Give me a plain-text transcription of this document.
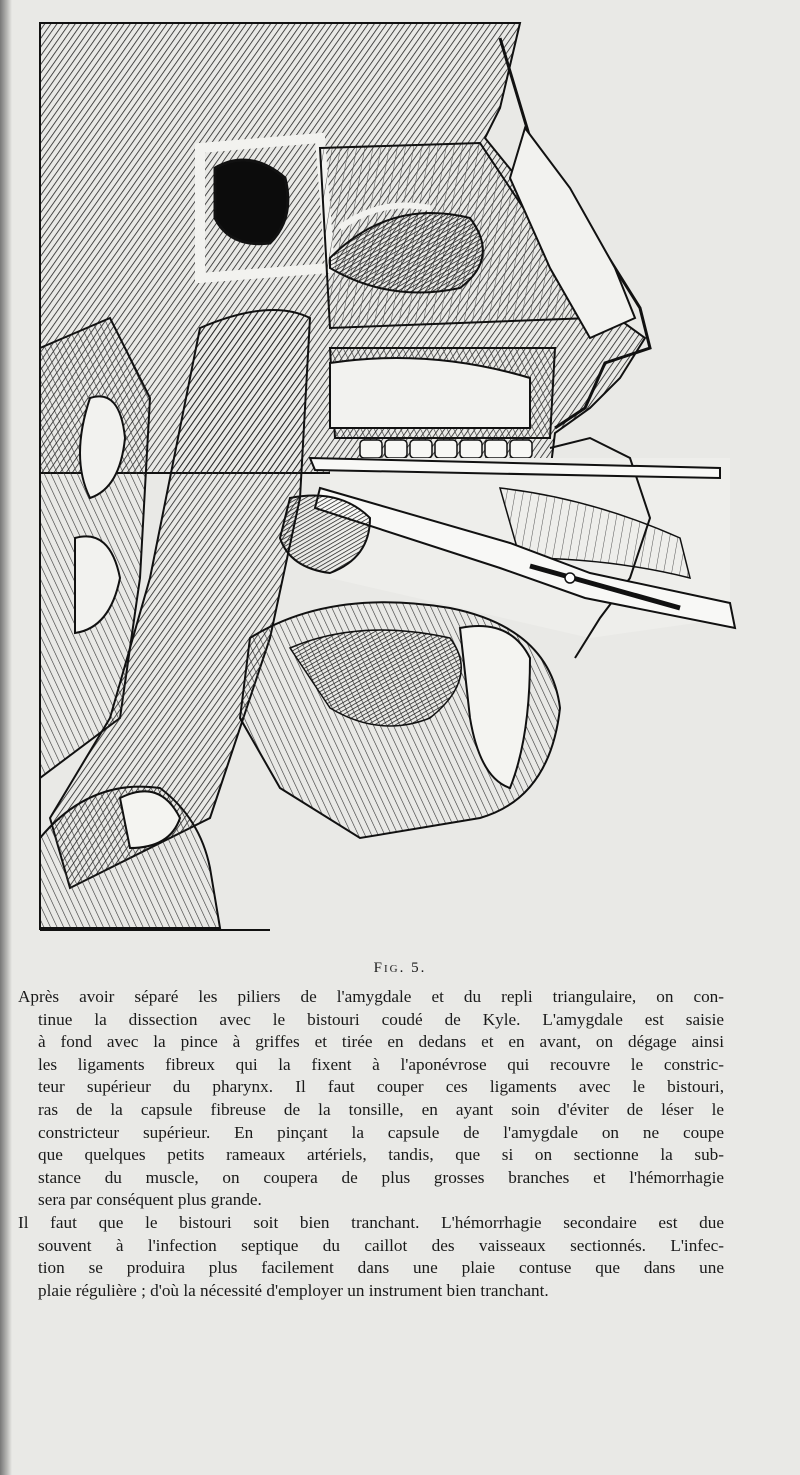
Fig. 5.
Après avoir séparé les piliers de l'amygdale et du repli triangulaire, on con-
tinue la dissection avec le bistouri coudé de Kyle. L'amygdale est saisie
à fond avec la pince à griffes et tirée en dedans et en avant, on dégage ainsi
les ligaments fibreux qui la fixent à l'aponévrose qui recouvre le constric-
teur supérieur du pharynx. Il faut couper ces ligaments avec le bistouri,
ras de la capsule fibreuse de la tonsille, en ayant soin d'éviter de léser le
constricteur supérieur. En pinçant la capsule de l'amygdale on ne coupe
que quelques petits rameaux artériels, tandis, que si on sectionne la sub-
stance du muscle, on coupera de plus grosses branches et l'hémorrhagie
sera par conséquent plus grande.
Il faut que le bistouri soit bien tranchant. L'hémorrhagie secondaire est due
souvent à l'infection septique du caillot des vaisseaux sectionnés. L'infec-
tion se produira plus facilement dans une plaie contuse que dans une
plaie régulière ; d'où la nécessité d'employer un instrument bien tranchant.
